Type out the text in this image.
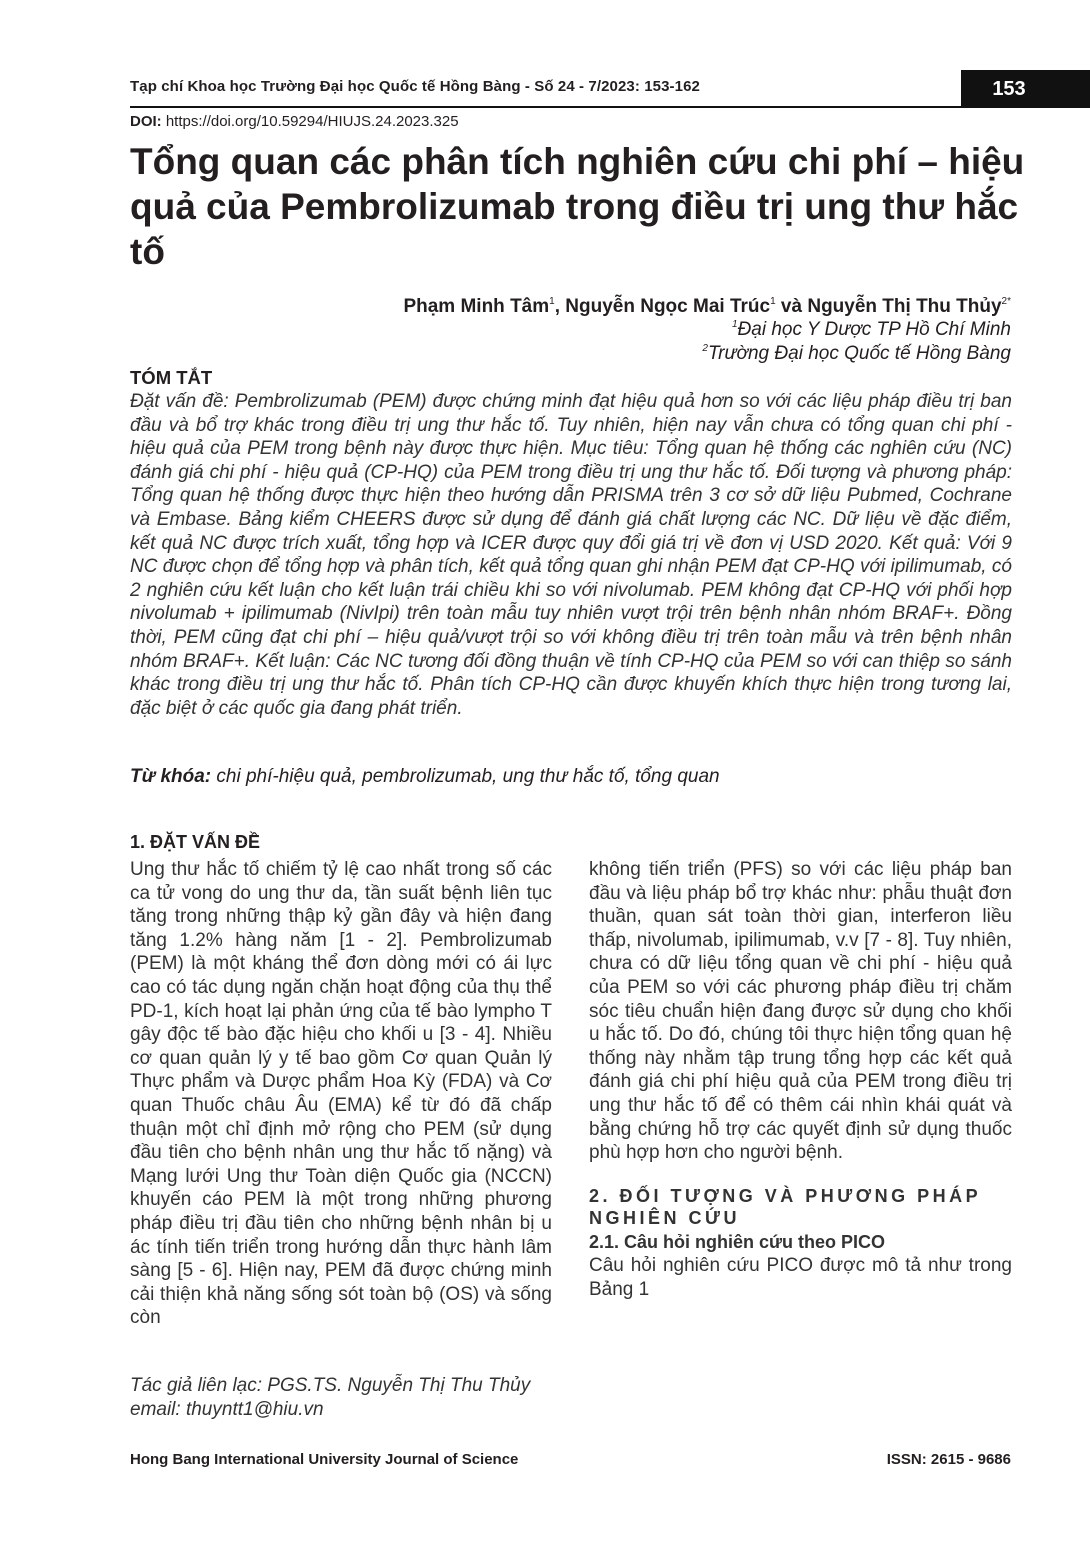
Tạp chí Khoa học Trường Đại học Quốc tế Hồng Bàng - Số 24 - 7/2023: 153-162	153
DOI: https://doi.org/10.59294/HIUJS.24.2023.325
Tổng quan các phân tích nghiên cứu chi phí – hiệu quả của Pembrolizumab trong điều trị ung thư hắc tố
Phạm Minh Tâm$^1$, Nguyễn Ngọc Mai Trúc$^1$ và Nguyễn Thị Thu Thủy$^{2*}$
$^1$Đại học Y Dược TP Hồ Chí Minh
$^2$Trường Đại học Quốc tế Hồng Bàng
TÓM TẮT

Đặt vấn đề: Pembrolizumab (PEM) được chứng minh đạt hiệu quả hơn so với các liệu pháp điều trị ban đầu và bổ trợ khác trong điều trị ung thư hắc tố. Tuy nhiên, hiện nay vẫn chưa có tổng quan chi phí - hiệu quả của PEM trong bệnh này được thực hiện. Mục tiêu: Tổng quan hệ thống các nghiên cứu (NC) đánh giá chi phí - hiệu quả (CP-HQ) của PEM trong điều trị ung thư hắc tố. Đối tượng và phương pháp: Tổng quan hệ thống được thực hiện theo hướng dẫn PRISMA trên 3 cơ sở dữ liệu Pubmed, Cochrane và Embase. Bảng kiểm CHEERS được sử dụng để đánh giá chất lượng các NC. Dữ liệu về đặc điểm, kết quả NC được trích xuất, tổng hợp và ICER được quy đổi giá trị về đơn vị USD 2020. Kết quả: Với 9 NC được chọn để tổng hợp và phân tích, kết quả tổng quan ghi nhận PEM đạt CP-HQ với ipilimumab, có 2 nghiên cứu kết luận cho kết luận trái chiều khi so với nivolumab. PEM không đạt CP-HQ với phối hợp nivolumab + ipilimumab (NivIpi) trên toàn mẫu tuy nhiên vượt trội trên bệnh nhân nhóm BRAF+. Đồng thời, PEM cũng đạt chi phí – hiệu quả/vượt trội so với không điều trị trên toàn mẫu và trên bệnh nhân nhóm BRAF+. Kết luận: Các NC tương đối đồng thuận về tính CP-HQ của PEM so với can thiệp so sánh khác trong điều trị ung thư hắc tố. Phân tích CP-HQ cần được khuyến khích thực hiện trong tương lai, đặc biệt ở các quốc gia đang phát triển.

Từ khóa: chi phí-hiệu quả, pembrolizumab, ung thư hắc tố, tổng quan
1. ĐẶT VẤN ĐỀ

Ung thư hắc tố chiếm tỷ lệ cao nhất trong số các ca tử vong do ung thư da, tần suất bệnh liên tục tăng trong những thập kỷ gần đây và hiện đang tăng 1.2% hàng năm [1 - 2]. Pembrolizumab (PEM) là một kháng thể đơn dòng mới có ái lực cao có tác dụng ngăn chặn hoạt động của thụ thể PD-1, kích hoạt lại phản ứng của tế bào lympho T gây độc tế bào đặc hiệu cho khối u [3 - 4]. Nhiều cơ quan quản lý y tế bao gồm Cơ quan Quản lý Thực phẩm và Dược phẩm Hoa Kỳ (FDA) và Cơ quan Thuốc châu Âu (EMA) kể từ đó đã chấp thuận một chỉ định mở rộng cho PEM (sử dụng đầu tiên cho bệnh nhân ung thư hắc tố nặng) và Mạng lưới Ung thư Toàn diện Quốc gia (NCCN) khuyến cáo PEM là một trong những phương pháp điều trị đầu tiên cho những bệnh nhân bị u ác tính tiến triển trong hướng dẫn thực hành lâm sàng [5 - 6]. Hiện nay, PEM đã được chứng minh cải thiện khả năng sống sót toàn bộ (OS) và sống còn

không tiến triển (PFS) so với các liệu pháp ban đầu và liệu pháp bổ trợ khác như: phẫu thuật đơn thuần, quan sát toàn thời gian, interferon liều thấp, nivolumab, ipilimumab, v.v [7 - 8]. Tuy nhiên, chưa có dữ liệu tổng quan về chi phí - hiệu quả của PEM so với các phương pháp điều trị chăm sóc tiêu chuẩn hiện đang được sử dụng cho khối u hắc tố. Do đó, chúng tôi thực hiện tổng quan hệ thống này nhằm tập trung tổng hợp các kết quả đánh giá chi phí hiệu quả của PEM trong điều trị ung thư hắc tố để có thêm cái nhìn khái quát và bằng chứng hỗ trợ các quyết định sử dụng thuốc phù hợp hơn cho người bệnh.

2. ĐỐI TƯỢNG VÀ PHƯƠNG PHÁP NGHIÊN CỨU
2.1. Câu hỏi nghiên cứu theo PICO

Câu hỏi nghiên cứu PICO được mô tả như trong Bảng 1

Tác giả liên lạc: PGS.TS. Nguyễn Thị Thu Thủy
email: thuyntt1@hiu.vn
Hong Bang International University Journal of Science	ISSN: 2615 - 9686
